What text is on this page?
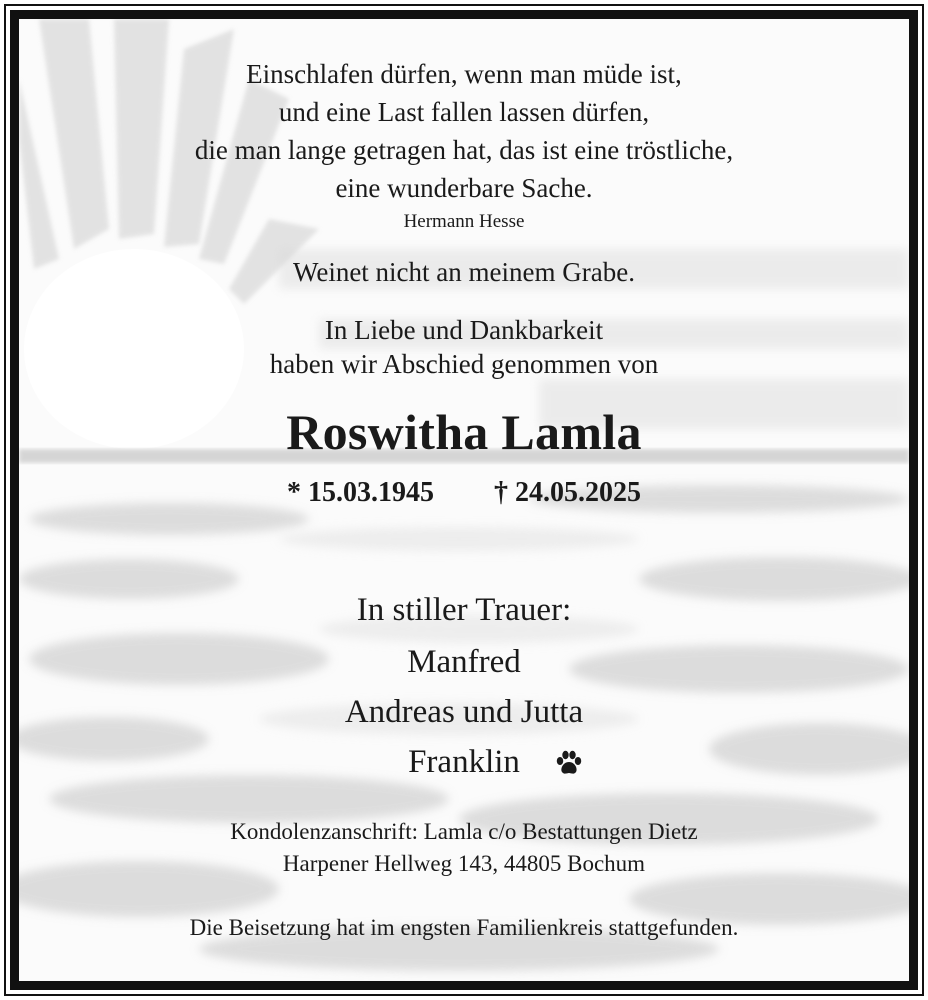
Einschlafen dürfen, wenn man müde ist,
und eine Last fallen lassen dürfen,
die man lange getragen hat, das ist eine tröstliche,
eine wunderbare Sache.
Hermann Hesse
Weinet nicht an meinem Grabe.
In Liebe und Dankbarkeit
haben wir Abschied genommen von
Roswitha Lamla
* 15.03.1945 † 24.05.2025
In stiller Trauer:
Manfred
Andreas und Jutta
Franklin
Kondolenzanschrift: Lamla c/o Bestattungen Dietz
Harpener Hellweg 143, 44805 Bochum
Die Beisetzung hat im engsten Familienkreis stattgefunden.
